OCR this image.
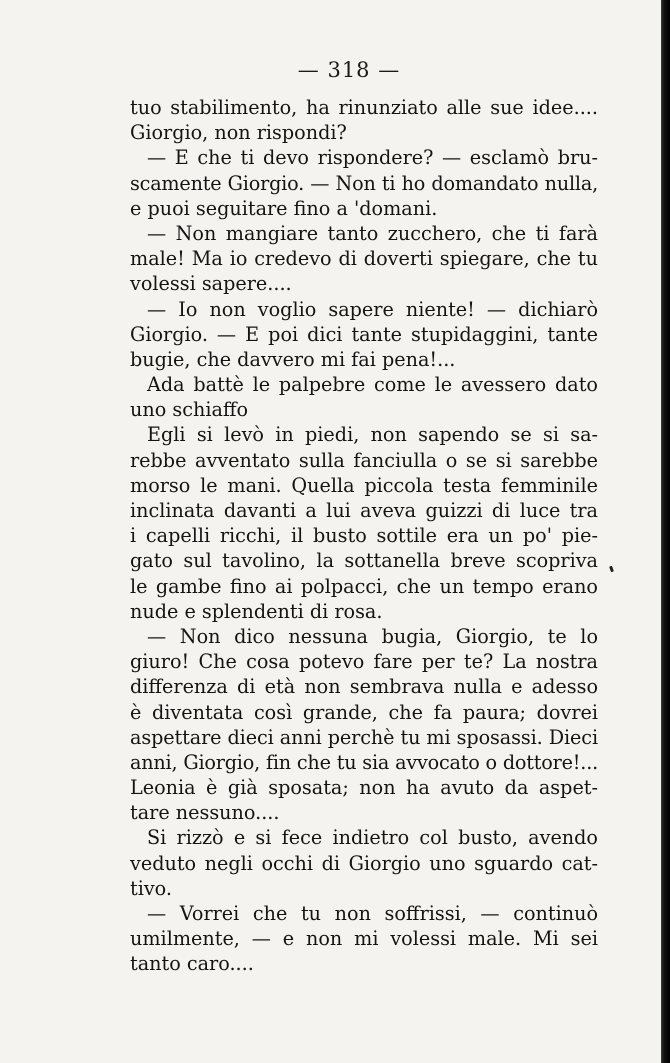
— 318 —
tuo stabilimento, ha rinunziato alle sue idee....
Giorgio, non rispondi?
— E che ti devo rispondere? — esclamò bru-
scamente Giorgio. — Non ti ho domandato nulla,
e puoi seguitare fino a 'domani.
— Non mangiare tanto zucchero, che ti farà
male! Ma io credevo di doverti spiegare, che tu
volessi sapere....
— Io non voglio sapere niente! — dichiarò
Giorgio. — E poi dici tante stupidaggini, tante
bugie, che davvero mi fai pena!...
Ada battè le palpebre come le avessero dato
uno schiaffo
Egli si levò in piedi, non sapendo se si sa-
rebbe avventato sulla fanciulla o se si sarebbe
morso le mani. Quella piccola testa femminile
inclinata davanti a lui aveva guizzi di luce tra
i capelli ricchi, il busto sottile era un po' pie-
gato sul tavolino, la sottanella breve scopriva
le gambe fino ai polpacci, che un tempo erano
nude e splendenti di rosa.
— Non dico nessuna bugia, Giorgio, te lo
giuro! Che cosa potevo fare per te? La nostra
differenza di età non sembrava nulla e adesso
è diventata così grande, che fa paura; dovrei
aspettare dieci anni perchè tu mi sposassi. Dieci
anni, Giorgio, fin che tu sia avvocato o dottore!...
Leonia è già sposata; non ha avuto da aspet-
tare nessuno....
Si rizzò e si fece indietro col busto, avendo
veduto negli occhi di Giorgio uno sguardo cat-
tivo.
— Vorrei che tu non soffrissi, — continuò
umilmente, — e non mi volessi male. Mi sei
tanto caro....
